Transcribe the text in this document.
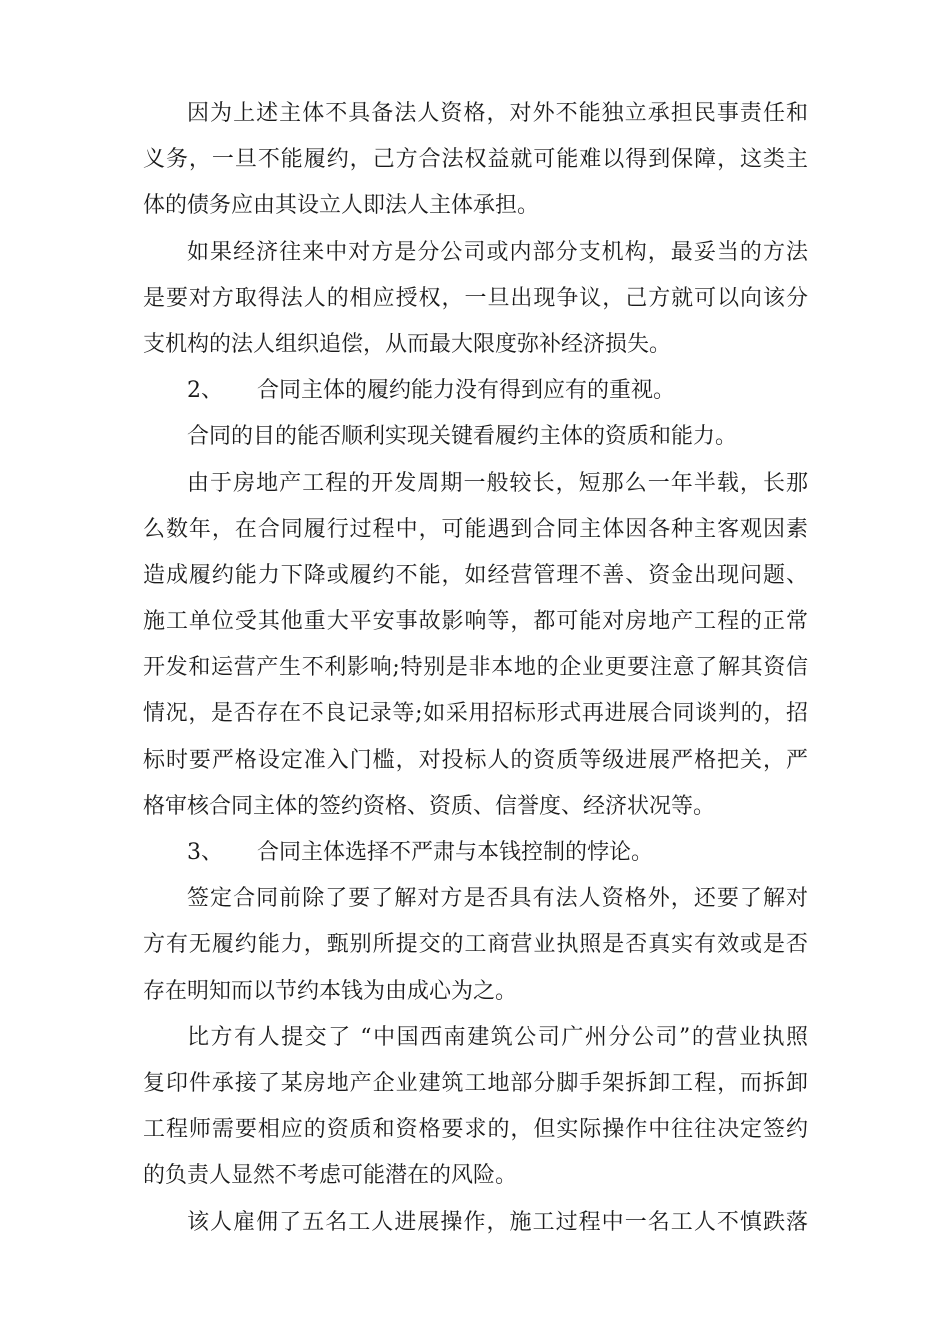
因为上述主体不具备法人资格，对外不能独立承担民事责任和
义务，一旦不能履约，己方合法权益就可能难以得到保障，这类主
体的债务应由其设立人即法人主体承担。
如果经济往来中对方是分公司或内部分支机构，最妥当的方法
是要对方取得法人的相应授权，一旦出现争议，己方就可以向该分
支机构的法人组织追偿，从而最大限度弥补经济损失。
2、 合同主体的履约能力没有得到应有的重视。
合同的目的能否顺利实现关键看履约主体的资质和能力。
由于房地产工程的开发周期一般较长，短那么一年半载，长那
么数年，在合同履行过程中，可能遇到合同主体因各种主客观因素
造成履约能力下降或履约不能，如经营管理不善、资金出现问题、
施工单位受其他重大平安事故影响等，都可能对房地产工程的正常
开发和运营产生不利影响;特别是非本地的企业更要注意了解其资信
情况，是否存在不良记录等;如采用招标形式再进展合同谈判的，招
标时要严格设定准入门槛，对投标人的资质等级进展严格把关，严
格审核合同主体的签约资格、资质、信誉度、经济状况等。
3、 合同主体选择不严肃与本钱控制的悖论。
签定合同前除了要了解对方是否具有法人资格外，还要了解对
方有无履约能力，甄别所提交的工商营业执照是否真实有效或是否
存在明知而以节约本钱为由成心为之。
比方有人提交了 “中国西南建筑公司广州分公司”的营业执照
复印件承接了某房地产企业建筑工地部分脚手架拆卸工程，而拆卸
工程师需要相应的资质和资格要求的，但实际操作中往往决定签约
的负责人显然不考虑可能潜在的风险。
该人雇佣了五名工人进展操作，施工过程中一名工人不慎跌落
